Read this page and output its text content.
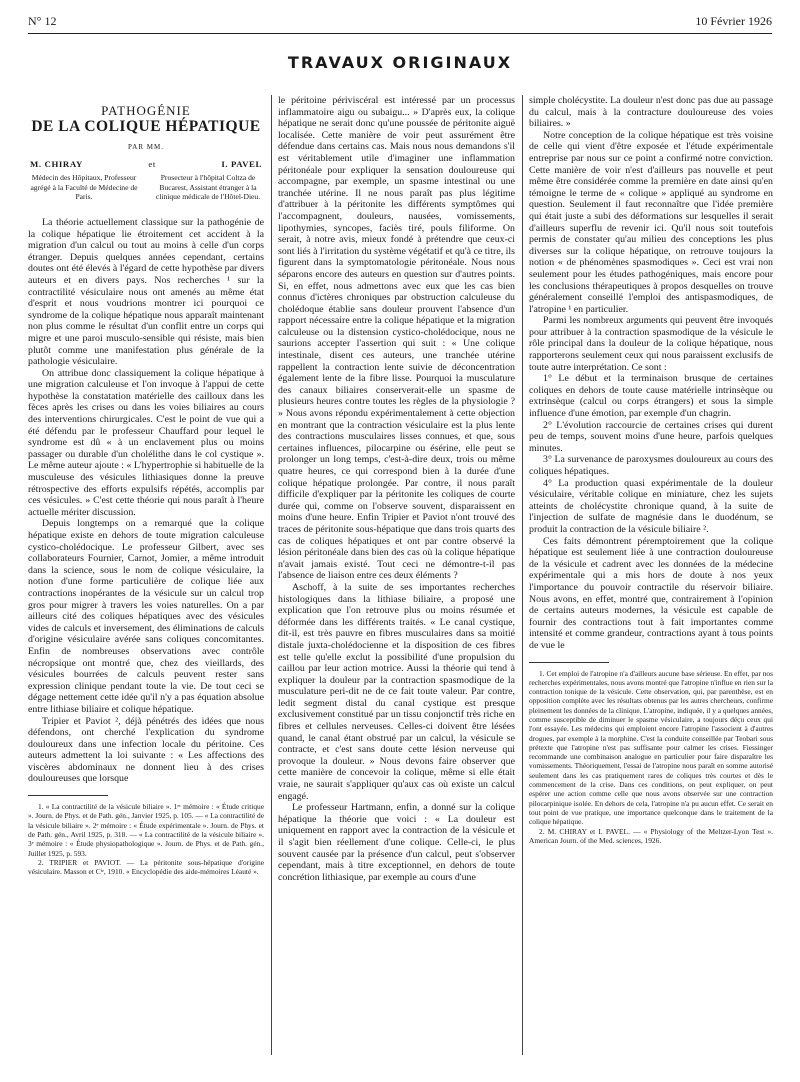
N° 12	10 Février 1926
TRAVAUX ORIGINAUX
PATHOGÉNIE
DE LA COLIQUE HÉPATIQUE
PAR MM.
M. CHIRAY	et	I. PAVEL
Médecin des Hôpitaux, Professeur agrégé à la Faculté de Médecine de Paris.
Prosecteur à l'hôpital Coltza de Bucarest, Assistant étranger à la clinique médicale de l'Hôtel-Dieu.

La théorie actuellement classique sur la pathogénie de la colique hépatique lie étroitement cet accident à la migration d'un calcul ou tout au moins à celle d'un corps étranger. Depuis quelques années cependant, certains doutes ont été élevés à l'égard de cette hypothèse par divers auteurs et en divers pays. Nos recherches ¹ sur la contractilité vésiculaire nous ont amenés au même état d'esprit et nous voudrions montrer ici pourquoi ce syndrome de la colique hépatique nous apparaît maintenant non plus comme le résultat d'un conflit entre un corps qui migre et une paroi musculo-sensible qui résiste, mais bien plutôt comme une manifestation plus générale de la pathologie vésiculaire.

On attribue donc classiquement la colique hépatique à une migration calculeuse et l'on invoque à l'appui de cette hypothèse la constatation matérielle des cailloux dans les fèces après les crises ou dans les voies biliaires au cours des interventions chirurgicales. C'est le point de vue qui a été défendu par le professeur Chauffard pour lequel le syndrome est dû « à un enclavement plus ou moins passager ou durable d'un cholélithe dans le col cystique ». Le même auteur ajoute : « L'hypertrophie si habituelle de la musculeuse des vésicules lithiasiques donne la preuve rétrospective des efforts expulsifs répétés, accomplis par ces vésicules. » C'est cette théorie qui nous paraît à l'heure actuelle mériter discussion.

Depuis longtemps on a remarqué que la colique hépatique existe en dehors de toute migration calculeuse cystico-cholédocique. Le professeur Gilbert, avec ses collaborateurs Fournier, Carnot, Jomier, a même introduit dans la science, sous le nom de colique vésiculaire, la notion d'une forme particulière de colique liée aux contractions inopérantes de la vésicule sur un calcul trop gros pour migrer à travers les voies naturelles. On a par ailleurs cité des coliques hépatiques avec des vésicules vides de calculs et inversement, des éliminations de calculs d'origine vésiculaire avérée sans coliques concomitantes. Enfin de nombreuses observations avec contrôle nécropsique ont montré que, chez des vieillards, des vésicules bourrées de calculs peuvent rester sans expression clinique pendant toute la vie. De tout ceci se dégage nettement cette idée qu'il n'y a pas équation absolue entre lithiase biliaire et colique hépatique.

Tripier et Paviot ², déjà pénétrés des idées que nous défendons, ont cherché l'explication du syndrome douloureux dans une infection locale du péritoine. Ces auteurs admettent la loi suivante : « Les affections des viscères abdominaux ne donnent lieu à des crises douloureuses que lorsque

1. « La contractilité de la vésicule biliaire ». 1ᵉʳ mémoire : « Étude critique ». Journ. de Phys. et de Path. gén., Janvier 1925, p. 105. — « La contractilité de la vésicule biliaire ». 2ᵉ mémoire : « Étude expérimentale ». Journ. de Phys. et de Path. gén., Avril 1925, p. 318. — « La contractilité de la vésicule biliaire ». 3ᵉ mémoire : « Étude physiopathologique ». Journ. de Phys. et de Path. gén., Juillet 1925, p. 593.

2. TRIPIER et PAVIOT. — La péritonite sous-hépatique d'origine vésiculaire. Masson et Cⁱᵉ, 1910. « Encyclopédie des aide-mémoires Léauté ».

le péritoine périviscéral est intéressé par un processus inflammatoire aigu ou subaigu... » D'après eux, la colique hépatique ne serait donc qu'une poussée de péritonite aiguë localisée. Cette manière de voir peut assurément être défendue dans certains cas. Mais nous nous demandons s'il est véritablement utile d'imaginer une inflammation péritonéale pour expliquer la sensation douloureuse qui accompagne, par exemple, un spasme intestinal ou une tranchée utérine. Il ne nous paraît pas plus légitime d'attribuer à la péritonite les différents symptômes qui l'accompagnent, douleurs, nausées, vomissements, lipothymies, syncopes, faciès tiré, pouls filiforme. On serait, à notre avis, mieux fondé à prétendre que ceux-ci sont liés à l'irritation du système végétatif et qu'à ce titre, ils figurent dans la symptomatologie péritonéale. Nous nous séparons encore des auteurs en question sur d'autres points. Si, en effet, nous admettons avec eux que les cas bien connus d'ictères chroniques par obstruction calculeuse du cholédoque établie sans douleur prouvent l'absence d'un rapport nécessaire entre la colique hépatique et la migration calculeuse ou la distension cystico-cholédocique, nous ne saurions accepter l'assertion qui suit : « Une colique intestinale, disent ces auteurs, une tranchée utérine rappellent la contraction lente suivie de déconcentration également lente de la fibre lisse. Pourquoi la musculature des canaux biliaires conserverait-elle un spasme de plusieurs heures contre toutes les règles de la physiologie ? » Nous avons répondu expérimentalement à cette objection en montrant que la contraction vésiculaire est la plus lente des contractions musculaires lisses connues, et que, sous certaines influences, pilocarpine ou ésérine, elle peut se prolonger un long temps, c'est-à-dire deux, trois ou même quatre heures, ce qui correspond bien à la durée d'une colique hépatique prolongée. Par contre, il nous paraît difficile d'expliquer par la péritonite les coliques de courte durée qui, comme on l'observe souvent, disparaissent en moins d'une heure. Enfin Tripier et Paviot n'ont trouvé des traces de péritonite sous-hépatique que dans trois quarts des cas de coliques hépatiques et ont par contre observé la lésion péritonéale dans bien des cas où la colique hépatique n'avait jamais existé. Tout ceci ne démontre-t-il pas l'absence de liaison entre ces deux éléments ?

Aschoff, à la suite de ses importantes recherches histologiques dans la lithiase biliaire, a proposé une explication que l'on retrouve plus ou moins résumée et déformée dans les différents traités. « Le canal cystique, dit-il, est très pauvre en fibres musculaires dans sa moitié distale juxta-cholédocienne et la disposition de ces fibres est telle qu'elle exclut la possibilité d'une propulsion du caillou par leur action motrice. Aussi la théorie qui tend à expliquer la douleur par la contraction spasmodique de la musculature peri-dit ne de ce fait toute valeur. Par contre, ledit segment distal du canal cystique est presque exclusivement constitué par un tissu conjonctif très riche en fibres et cellules nerveuses. Celles-ci doivent être lésées quand, le canal étant obstrué par un calcul, la vésicule se contracte, et c'est sans doute cette lésion nerveuse qui provoque la douleur. » Nous devons faire observer que cette manière de concevoir la colique, même si elle était vraie, ne saurait s'appliquer qu'aux cas où existe un calcul engagé.

Le professeur Hartmann, enfin, a donné sur la colique hépatique la théorie que voici : « La douleur est uniquement en rapport avec la contraction de la vésicule et il s'agit bien réellement d'une colique. Celle-ci, le plus souvent causée par la présence d'un calcul, peut s'observer cependant, mais à titre exceptionnel, en dehors de toute concrétion lithiasique, par exemple au cours d'une

simple cholécystite. La douleur n'est donc pas due au passage du calcul, mais à la contracture douloureuse des voies biliaires. »

Notre conception de la colique hépatique est très voisine de celle qui vient d'être exposée et l'étude expérimentale entreprise par nous sur ce point a confirmé notre conviction. Cette manière de voir n'est d'ailleurs pas nouvelle et peut même être considérée comme la première en date ainsi qu'en témoigne le terme de « colique » appliqué au syndrome en question. Seulement il faut reconnaître que l'idée première qui était juste a subi des déformations sur lesquelles il serait d'ailleurs superflu de revenir ici. Qu'il nous soit toutefois permis de constater qu'au milieu des conceptions les plus diverses sur la colique hépatique, on retrouve toujours la notion « de phénomènes spasmodiques ». Ceci est vrai non seulement pour les études pathogéniques, mais encore pour les conclusions thérapeutiques à propos desquelles on trouve généralement conseillé l'emploi des antispasmodiques, de l'atropine ¹ en particulier.

Parmi les nombreux arguments qui peuvent être invoqués pour attribuer à la contraction spasmodique de la vésicule le rôle principal dans la douleur de la colique hépatique, nous rapporterons seulement ceux qui nous paraissent exclusifs de toute autre interprétation. Ce sont :

1° Le début et la terminaison brusque de certaines coliques en dehors de toute cause matérielle intrinsèque ou extrinsèque (calcul ou corps étrangers) et sous la simple influence d'une émotion, par exemple d'un chagrin.

2° L'évolution raccourcie de certaines crises qui durent peu de temps, souvent moins d'une heure, parfois quelques minutes.

3° La survenance de paroxysmes douloureux au cours des coliques hépatiques.

4° La production quasi expérimentale de la douleur vésiculaire, véritable colique en miniature, chez les sujets atteints de cholécystite chronique quand, à la suite de l'injection de sulfate de magnésie dans le duodénum, se produit la contraction de la vésicule biliaire ².

Ces faits démontrent péremptoirement que la colique hépatique est seulement liée à une contraction douloureuse de la vésicule et cadrent avec les données de la médecine expérimentale qui a mis hors de doute à nos yeux l'importance du pouvoir contractile du réservoir biliaire. Nous avons, en effet, montré que, contrairement à l'opinion de certains auteurs modernes, la vésicule est capable de fournir des contractions tout à fait importantes comme intensité et comme grandeur, contractions ayant à tous points de vue le

1. Cet emploi de l'atropine n'a d'ailleurs aucune base sérieuse. En effet, par nos recherches expérimentales, nous avons montré que l'atropine n'influe en rien sur la contraction tonique de la vésicule. Cette observation, qui, par parenthèse, est en opposition complète avec les résultats obtenus par les autres chercheurs, confirme pleinement les données de la clinique. L'atropine, indiquée, il y a quelques années, comme susceptible de diminuer le spasme vésiculaire, a toujours déçu ceux qui l'ont essayée. Les médecins qui emploient encore l'atropine l'associent à d'autres drogues, par exemple à la morphine. C'est la conduite conseillée par Teobari sous prétexte que l'atropine n'est pas suffisante pour calmer les crises. Fiessinger recommande une combinaison analogue en particulier pour faire disparaître les vomissements. Théoriquement, l'essai de l'atropine nous paraît en somme autorisé seulement dans les cas pratiquement rares de coliques très courtes et dès le commencement de la crise. Dans ces conditions, on peut expliquer, on peut espérer une action comme celle que nous avons observée sur une contraction pilocarpinique isolée. En dehors de cela, l'atropine n'a pu aucun effet. Ce serait en tout point de vue pratique, une importance quelconque dans le traitement de la colique hépatique.

2. M. CHIRAY et I. PAVEL. — « Physiology of the Meltzer-Lyon Test ». American Journ. of the Med. sciences, 1926.
